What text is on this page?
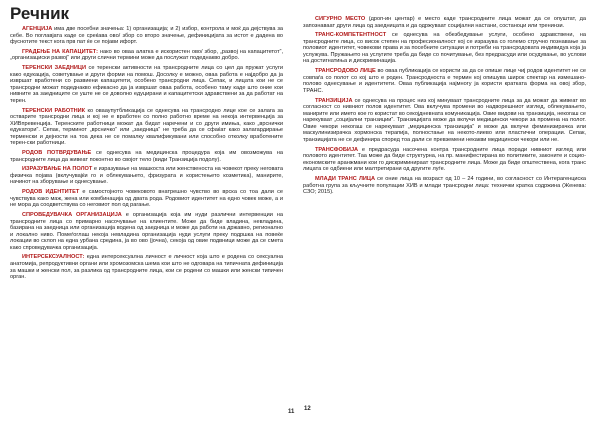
Речник

АГЕНЦИЈА има две посебни значења: 1) организација; и 2) избор, контрола и моќ да дејствува за себе. Во поглавјата каде се среќава ово/ збор со второ значење, дефиницијата за истот е дадена во фуснотите текст кога прв пат ќе се појави ифорт.

ГРАДЕЊЕ НА КАПАЦИТЕТ: нако во оваа алатка е искористен ово/ збор, „развој на капацитетот“, „организациски развој“ или други слични термини може да послужат подеднакво добро.

ТЕРЕНСКИ ЗАЕДНИЦИ се теренски активности на трансродните лица со цел да пружат услуги како едукација, советување и други форми на помош. Досолку е можно, оваа работа е најдобро да ја извршат вработени со развиени капацитети, особено трансродни лица. Сепак, и лицата кои не се трансродни можат подеднакво ефикасно да ја извршат оваа работа, особено таму каде што оние кои нивните за заедниците се уште не се доволно едуцирани и капацитетски здравствени за да работат на терен.

ТЕРЕНСКИ РАБОТНИК ко овааупутбликација се однесува на трансродно лице кое се залага за остварите трансродни лица и кој не е вработен со полно работно време на некоја интервенција за ХИВпревенција. Теренските работници можат да бидат наречени и со други имиња, како „врснички едукатори“. Сепак, терминот „врсничко“ или „заедница“ не треба да се сфаќат како залагардирање терменски и дејности на тоа дека не се помалку квалификувани или способно отколку вработените терен-ски работници.

РОДОВ ПОТВРДУВАЊЕ се однесува на медицинска процедура која им овозможува на трансродните лица да живеат поконтно во својот тело (види Транзиција подолу).

ИЗРАЗУВАЊЕ НА ПОЛОТ е изразување на машкоста или женственоста на човекот преку неговата физичка појава (вклучувајќи го и облекувањето, фризурата и користењето козметика), манирите, начинот на зборување и однесување.

РОДОВ ИДЕНТИТЕТ е самостојното човековото внатрешно чувство во врска со тоа дали се чувствува како маж, жена или комбинација од двата рода. Родовиот идентитет на едно човек може, а и не мора да соодветствува со неговиот пол од рагање.

СПРОВЕДУВАЧКА ОРГАНИЗАЦИЈА е организација која им нуди различни интервенции на трансродните лица со примарно насочување на клиентите. Може да биде владина, невладина, базирана на заедница или организација водена од заедница и може да работи на државно, регионално и локално ниво. Помеѓоглаш некоја невладина организација нуди услуги преку подршка на повеќе локации во склоп на една урбана средина, ја во ово (јочна), секоја од овие подвници може да се смета како спроведувачка организација.

ИНТЕРСЕКСУАЛНОСТ: една интерсексуална личност е личност која што е родена со сексуална анатомија, репродуктивни органи или хромозомска шема кои што не одговара на типичната дефиниција за машки и женски пол, за разлика од трансродните лица, кои се родени со машки или женски типичен орган.

СИГУРНО МЕСТО (дроп-ин центар) е место каде трансродните лица можат да се опуштат, да запознаваат други лица од заедницата и да одржуваат социјални настани, состаноци или тренинзи.

ТРАНС-КОМПЕТЕНТНОСТ се однесува на обезбедување услуги, особено здравствени, на трансродните лица, со висок степен на професионалност кој се изразува со големо стручно познавање за половиот идентитет, човекови права и за посебните ситуации и потреби на трансродовата индивидуа која ја услужува. Пружањето на услугите треба да биде со почитување, без предрасуди или осудување, во услови на достигнатиња и дискриминација.

ТРАНСРОДОВО ЛИЦЕ во оваа публикација се користи за да се опише лице чиј родов идентитет не се совпаѓа со полот со кој што е роден. Трансродноста е термин кој опишува широк спектар на измешано-полово однесување и идентитети. Оваа публикација најмногу ја користи кратката форма на овој збор, ТРАНС.

ТРАНЗИЦИЈА се однесува на процес низ кој минуваат трансродните лица за да можат да живеат во согласност со нивниот полов идентитет. Ова вклучува промени во надворешниот изглед, облекувањето, манирите или името кое го користат во секојдневната комуникација. Овие видови на транзиција, некогаш се нарекуваат „социјални транзиции“. Транзицијата може да вклучи медицински чекори за промена на полот. Овие чекори некогаш се нарекуваат „медицинска транзиција“ и може да вклучи феминизирачка или маскулинизирачка хормонска терапија, полностање на некото-лиево или пластични операции. Сепак, транзицијата не се дефинира според тоа дали се превземени некакви медицински чекори или не.

ТРАНСФОБИЈА е предрасуда насочена контра трансродните лица поради нивниот изглед или половото идентитет. Таа може да биде структурна, на пр. манифестирана во политиките, законите и социо-економските аранжмани кои го дискриминираат трансродните лица. Може да биде општествена, кога транс лицата се одбиени или малтретирани од другите луѓе.

МЛАДИ ТРАНС ЛИЦА се оние лица на возраст од 10 – 24 години, во согласност со Интерагенциска работна група за кључните популации ХИВ и млади трансродни лица: технички кратка содржина (Женева: СЗО; 2015).

11 12
